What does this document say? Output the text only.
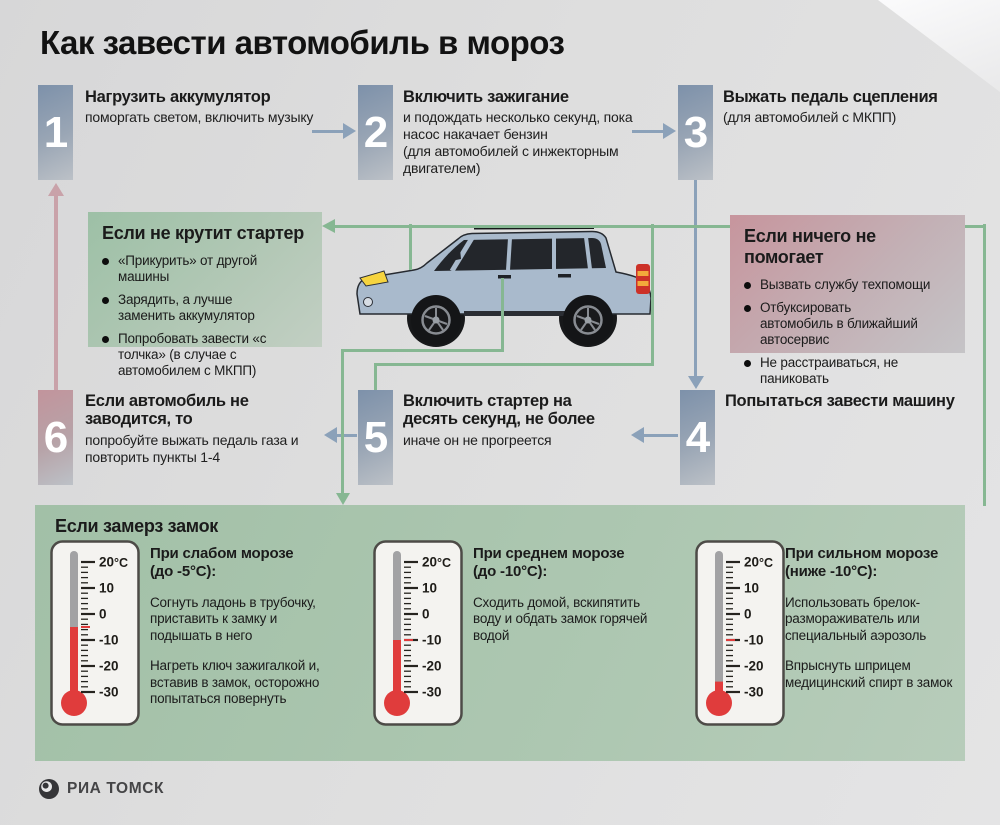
Как завести автомобиль в мороз
1	2	3
4
5
6
Нагрузить аккумулятор
поморгать светом, включить музыку
Включить зажигание
и подождать несколько секунд, пока насос накачает бензин
(для автомобилей с инжекторным двигателем)
Выжать педаль сцепления
(для автомобилей с МКПП)
Попытаться завести машину
Включить стартер на десять секунд, не более
иначе он не прогреется
Если автомобиль не заводится, то
попробуйте выжать педаль газа и повторить пункты 1-4
Если не крутит стартер
«Прикурить» от другой машины
Зарядить, а лучше заменить аккумулятор
Попробовать завести «с толчка» (в случае с автомобилем с МКПП)
Если ничего не помогает
Вызвать службу техпомощи
Отбуксировать автомобиль в ближайший автосервис
Не расстраиваться, не паниковать
Если замерз замок
20
10
0
-10
-20
-30
°C	20
10
0
-10
-20
-30
°C	20
10
0
-10
-20
-30
°C
При слабом морозе (до -5°С):
Согнуть ладонь в трубочку, приставить к замку и подышать в него
Нагреть ключ зажигалкой и, вставив в замок, осторожно попытаться повернуть
При среднем морозе (до -10°С):
Сходить домой, вскипятить воду и обдать замок горячей водой
При сильном морозе (ниже -10°С):
Использовать брелок-размораживатель или специальный аэрозоль
Впрыснуть шприцем медицинский спирт в замок
РИА ТОМСК
